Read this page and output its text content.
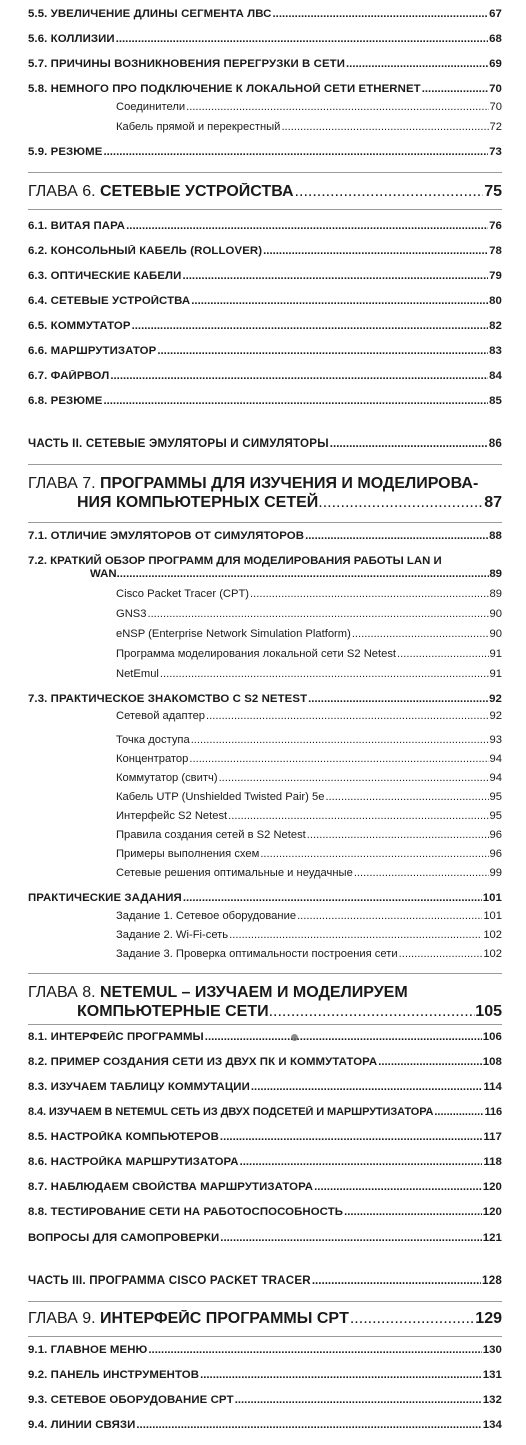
5.5. УВЕЛИЧЕНИЕ ДЛИНЫ СЕГМЕНТА ЛВС .....	67
5.6. КОЛЛИЗИИ .....	68
5.7. ПРИЧИНЫ ВОЗНИКНОВЕНИЯ ПЕРЕГРУЗКИ В СЕТИ .....	69
5.8. НЕМНОГО ПРО ПОДКЛЮЧЕНИЕ К ЛОКАЛЬНОЙ СЕТИ ETHERNET .....	70
Соединители .....	70
Кабель прямой и перекрестный .....	72
5.9. РЕЗЮМЕ .....	73
ГЛАВА 6. СЕТЕВЫЕ УСТРОЙСТВА .....	75
6.1. ВИТАЯ ПАРА .....	76
6.2. КОНСОЛЬНЫЙ КАБЕЛЬ (ROLLOVER) .....	78
6.3. ОПТИЧЕСКИЕ КАБЕЛИ .....	79
6.4. СЕТЕВЫЕ УСТРОЙСТВА .....	80
6.5. КОММУТАТОР .....	82
6.6. МАРШРУТИЗАТОР .....	83
6.7. ФАЙРВОЛ .....	84
6.8. РЕЗЮМЕ .....	85
ЧАСТЬ II. СЕТЕВЫЕ ЭМУЛЯТОРЫ И СИМУЛЯТОРЫ .....	86
ГЛАВА 7. ПРОГРАММЫ ДЛЯ ИЗУЧЕНИЯ И МОДЕЛИРОВА-
НИЯ КОМПЬЮТЕРНЫХ СЕТЕЙ .....	87
7.1. ОТЛИЧИЕ ЭМУЛЯТОРОВ ОТ СИМУЛЯТОРОВ .....	88
7.2. КРАТКИЙ ОБЗОР ПРОГРАММ ДЛЯ МОДЕЛИРОВАНИЯ РАБОТЫ LAN И
WAN .....	89
Cisco Packet Tracer (CPT) .....	89
GNS3 .....	90
eNSP (Enterprise Network Simulation Platform) .....	90
Программа моделирования локальной сети S2 Netest .....	91
NetEmul .....	91
7.3. ПРАКТИЧЕСКОЕ ЗНАКОМСТВО С S2 NETEST .....	92
Сетевой адаптер .....	92
Точка доступа .....	93
Концентратор .....	94
Коммутатор (свитч) .....	94
Кабель UTP (Unshielded Twisted Pair) 5e .....	95
Интерфейс S2 Netest .....	95
Правила создания сетей в S2 Netest .....	96
Примеры выполнения схем .....	96
Сетевые решения оптимальные и неудачные .....	99
ПРАКТИЧЕСКИЕ ЗАДАНИЯ .....	101
Задание 1. Сетевое оборудование .....	101
Задание 2. Wi-Fi-сеть .....	102
Задание 3. Проверка оптимальности построения сети .....	102
ГЛАВА 8. NETEMUL – ИЗУЧАЕМ И МОДЕЛИРУЕМ
КОМПЬЮТЕРНЫЕ СЕТИ .....	105
8.1. ИНТЕРФЕЙС ПРОГРАММЫ .....	106
8.2. ПРИМЕР СОЗДАНИЯ СЕТИ ИЗ ДВУХ ПК И КОММУТАТОРА .....	108
8.3. ИЗУЧАЕМ ТАБЛИЦУ КОММУТАЦИИ .....	114
8.4. ИЗУЧАЕМ В NETEMUL СЕТЬ ИЗ ДВУХ ПОДСЕТЕЙ И МАРШРУТИЗАТОРА .....	116
8.5. НАСТРОЙКА КОМПЬЮТЕРОВ .....	117
8.6. НАСТРОЙКА МАРШРУТИЗАТОРА .....	118
8.7. НАБЛЮДАЕМ СВОЙСТВА МАРШРУТИЗАТОРА .....	120
8.8. ТЕСТИРОВАНИЕ СЕТИ НА РАБОТОСПОСОБНОСТЬ .....	120
ВОПРОСЫ ДЛЯ САМОПРОВЕРКИ .....	121
ЧАСТЬ III. ПРОГРАММА CISCO PACKET TRACER .....	128
ГЛАВА 9. ИНТЕРФЕЙС ПРОГРАММЫ CPT .....	129
9.1. ГЛАВНОЕ МЕНЮ .....	130
9.2. ПАНЕЛЬ ИНСТРУМЕНТОВ .....	131
9.3. СЕТЕВОЕ ОБОРУДОВАНИЕ CPT .....	132
9.4. ЛИНИИ СВЯЗИ .....	134
